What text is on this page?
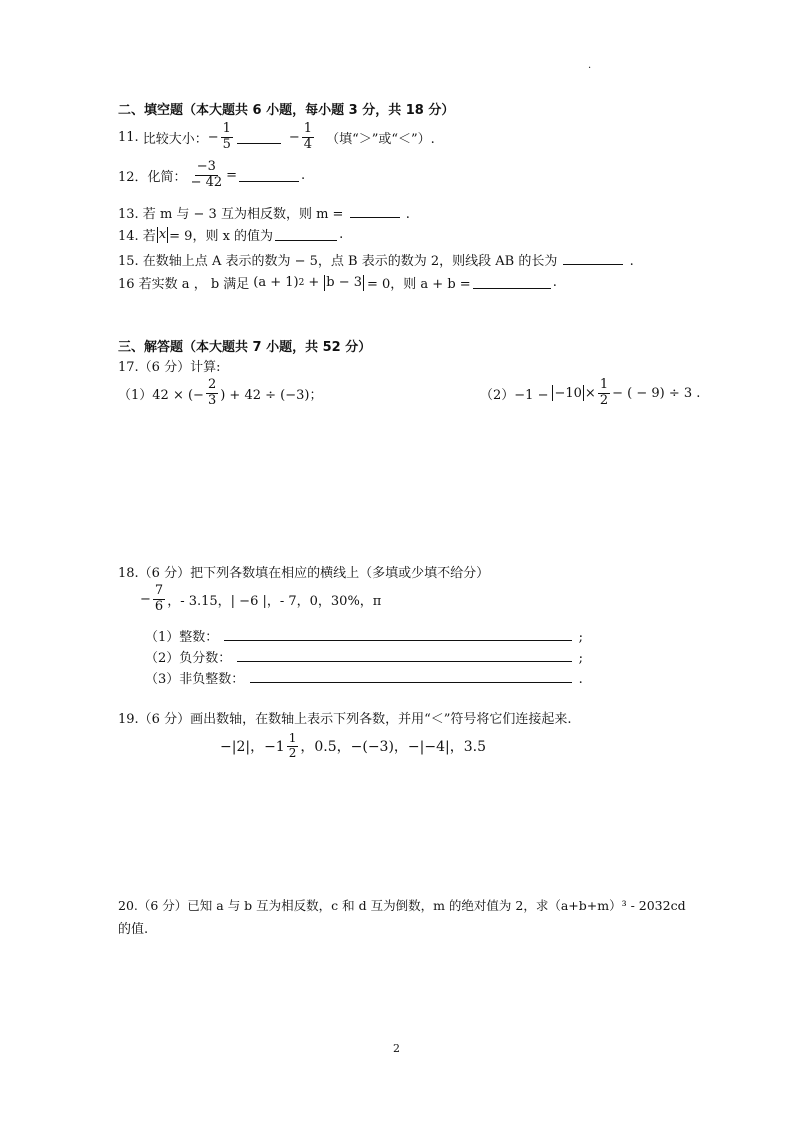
.
二、填空题（本大题共 6 小题，每小题 3 分，共 18 分）
11. 比较大小： − $\frac{1}{5}$	− $\frac{1}{4}$ （填“＞”或“＜”）.
12． 化简： $\frac{-3}{- 42}$ =	.
13. 若 m 与 − 3 互为相反数，则 m =	.
14. 若 x = 9，则 x 的值为	.
15. 在数轴上点 A 表示的数为 − 5，点 B 表示的数为 2，则线段 AB 的长为	.
16 若实数 a ， b 满足 (a + 1) 2 + b − 3 = 0，则 a + b =	.
三、解答题（本大题共 7 小题，共 52 分）
17.（6 分）计算:
（1）42 × (− $\frac{2}{3}$ ) + 42 ÷ (−3)；	$(2)-1 - -10 \times \frac{1}{2}$ − ( − 9) ÷ 3 .
18.（6 分）把下列各数填在相应的横线上（多填或少填不给分）
− $\frac{7}{6}$ ，- 3.15，| −6 |，- 7，0，30%，π
（1）整数：	;
（2）负分数：	;
（3）非负整数：	.
19.（6 分）画出数轴，在数轴上表示下列各数，并用“＜”符号将它们连接起来.
−|2|，$-1 \frac{1}{2}$ ，0.5，−(−3)，−|−4|，3.5
20.（6 分）已知 a 与 b 互为相反数，c 和 d 互为倒数，m 的绝对值为 2，求（a+b+m）³ - 2032cd
的值.
2
